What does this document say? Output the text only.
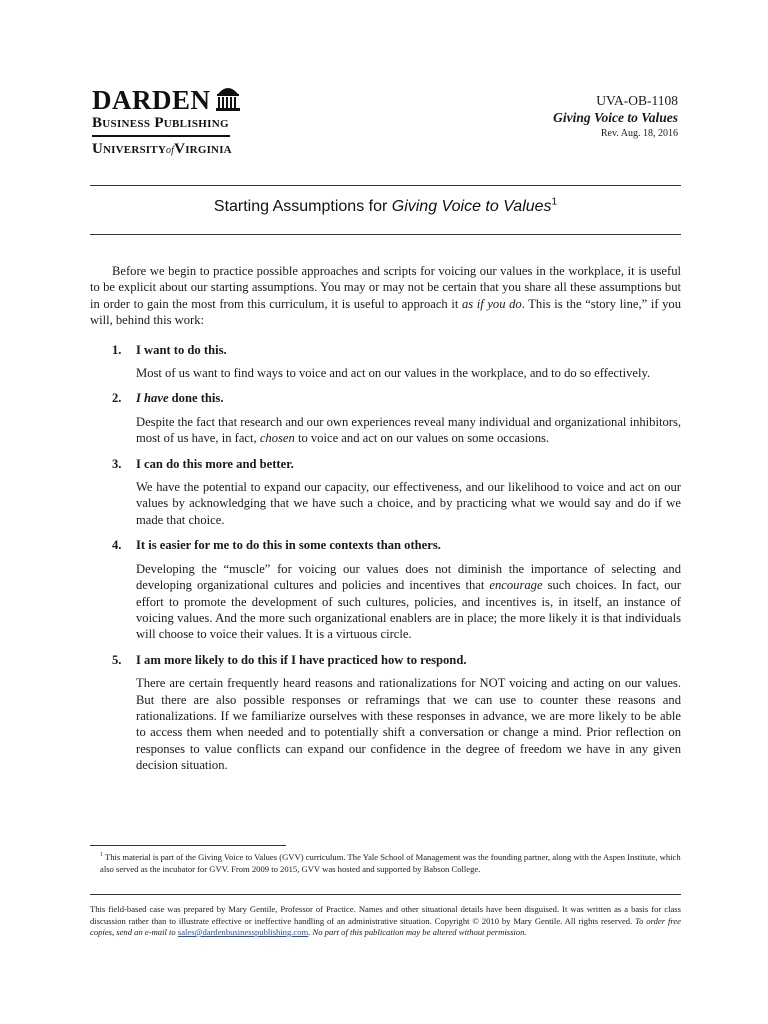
DARDEN
Business Publishing
UniversityofVirginia
UVA-OB-1108
Giving Voice to Values
Rev. Aug. 18, 2016
Starting Assumptions for Giving Voice to Values$^1$

Before we begin to practice possible approaches and scripts for voicing our values in the workplace, it is useful to be explicit about our starting assumptions. You may or may not be certain that you share all these assumptions but in order to gain the most from this curriculum, it is useful to approach it as if you do. This is the “story line,” if you will, behind this work:

1.	I want to do this.

Most of us want to find ways to voice and act on our values in the workplace, and to do so effectively.

2.	I have done this.

Despite the fact that research and our own experiences reveal many individual and organizational inhibitors, most of us have, in fact, chosen to voice and act on our values on some occasions.

3.	I can do this more and better.

We have the potential to expand our capacity, our effectiveness, and our likelihood to voice and act on our values by acknowledging that we have such a choice, and by practicing what we would say and do if we made that choice.

4.	It is easier for me to do this in some contexts than others.

Developing the “muscle” for voicing our values does not diminish the importance of selecting and developing organizational cultures and policies and incentives that encourage such choices. In fact, our effort to promote the development of such cultures, policies, and incentives is, in itself, an instance of voicing values. And the more such organizational enablers are in place; the more likely it is that individuals will choose to voice their values. It is a virtuous circle.

5.	I am more likely to do this if I have practiced how to respond.

There are certain frequently heard reasons and rationalizations for NOT voicing and acting on our values. But there are also possible responses or reframings that we can use to counter these reasons and rationalizations. If we familiarize ourselves with these responses in advance, we are more likely to be able to access them when needed and to potentially shift a conversation or change a mind. Prior reflection on responses to value conflicts can expand our confidence in the degree of freedom we have in any given decision situation.

$^1$ This material is part of the Giving Voice to Values (GVV) curriculum. The Yale School of Management was the founding partner, along with the Aspen Institute, which also served as the incubator for GVV. From 2009 to 2015, GVV was hosted and supported by Babson College.

This field-based case was prepared by Mary Gentile, Professor of Practice. Names and other situational details have been disguised. It was written as a basis for class discussion rather than to illustrate effective or ineffective handling of an administrative situation. Copyright © 2010 by Mary Gentile. All rights reserved. To order free copies, send an e-mail to sales@dardenbusinesspublishing.com. No part of this publication may be altered without permission.
